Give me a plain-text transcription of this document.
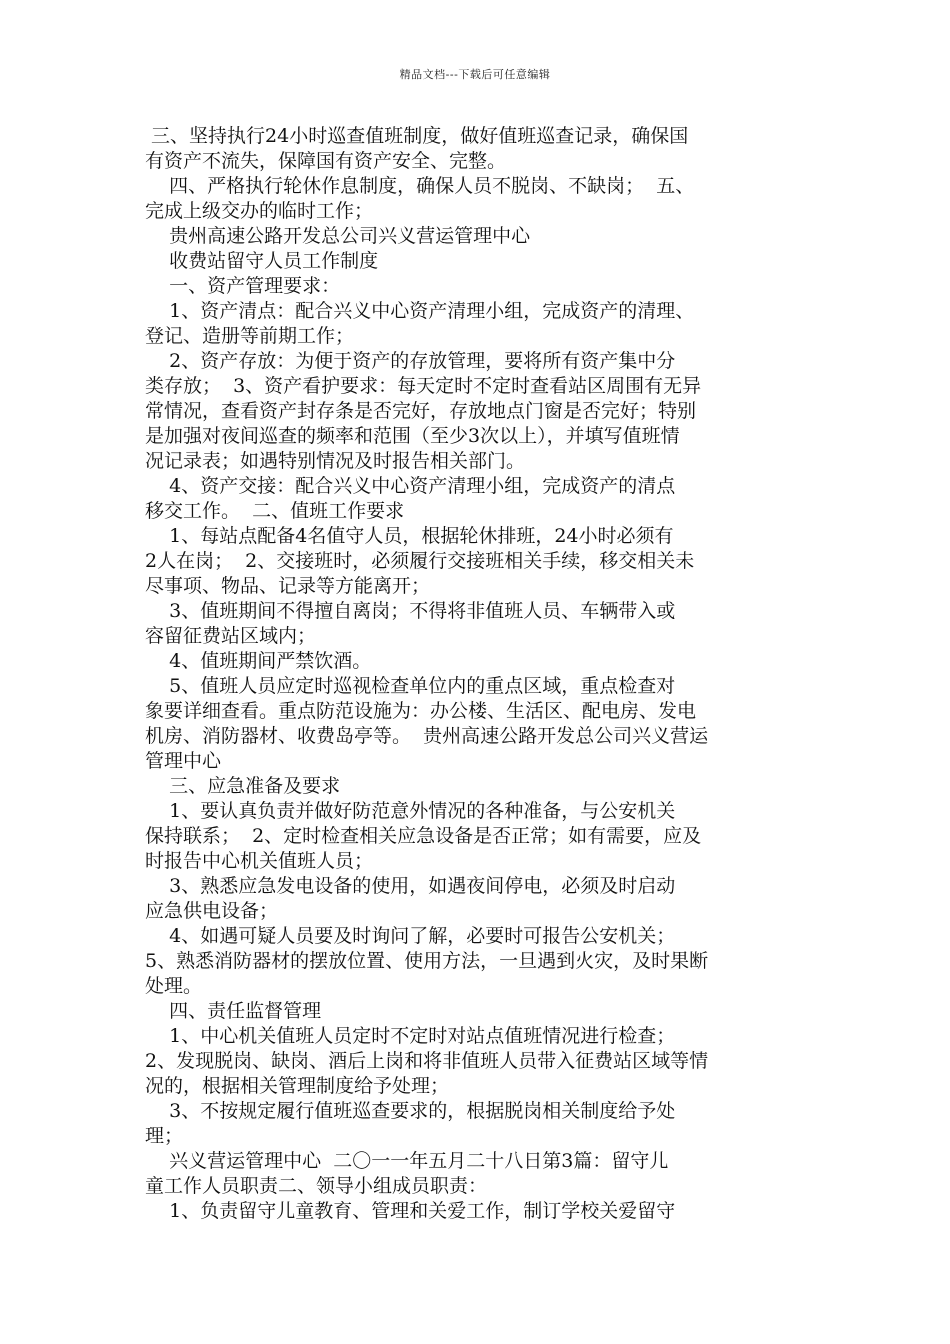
精品文档---下载后可任意编辑
三、坚持执行24小时巡查值班制度，做好值班巡查记录，确保国
有资产不流失，保障国有资产安全、完整。
四、严格执行轮休作息制度，确保人员不脱岗、不缺岗；  五、
完成上级交办的临时工作；
贵州高速公路开发总公司兴义营运管理中心
收费站留守人员工作制度
一、资产管理要求：
1、资产清点：配合兴义中心资产清理小组，完成资产的清理、
登记、造册等前期工作；
2、资产存放：为便于资产的存放管理，要将所有资产集中分
类存放；  3、资产看护要求：每天定时不定时查看站区周围有无异
常情况，查看资产封存条是否完好，存放地点门窗是否完好；特别
是加强对夜间巡查的频率和范围（至少3次以上），并填写值班情
况记录表；如遇特别情况及时报告相关部门。
4、资产交接：配合兴义中心资产清理小组，完成资产的清点
移交工作。  二、值班工作要求
1、每站点配备4名值守人员，根据轮休排班，24小时必须有
2人在岗；  2、交接班时，必须履行交接班相关手续，移交相关未
尽事项、物品、记录等方能离开；
3、值班期间不得擅自离岗；不得将非值班人员、车辆带入或
容留征费站区域内；
4、值班期间严禁饮酒。
5、值班人员应定时巡视检查单位内的重点区域，重点检查对
象要详细查看。重点防范设施为：办公楼、生活区、配电房、发电
机房、消防器材、收费岛亭等。  贵州高速公路开发总公司兴义营运
管理中心
三、应急准备及要求
1、要认真负责并做好防范意外情况的各种准备，与公安机关
保持联系；  2、定时检查相关应急设备是否正常；如有需要，应及
时报告中心机关值班人员；
3、熟悉应急发电设备的使用，如遇夜间停电，必须及时启动
应急供电设备；
4、如遇可疑人员要及时询问了解，必要时可报告公安机关；
5、熟悉消防器材的摆放位置、使用方法，一旦遇到火灾，及时果断
处理。
四、责任监督管理
1、中心机关值班人员定时不定时对站点值班情况进行检查；
2、发现脱岗、缺岗、酒后上岗和将非值班人员带入征费站区域等情
况的，根据相关管理制度给予处理；
3、不按规定履行值班巡查要求的，根据脱岗相关制度给予处
理；
兴义营运管理中心  二〇一一年五月二十八日第3篇：留守儿
童工作人员职责二、领导小组成员职责：
1、负责留守儿童教育、管理和关爱工作，制订学校关爱留守
